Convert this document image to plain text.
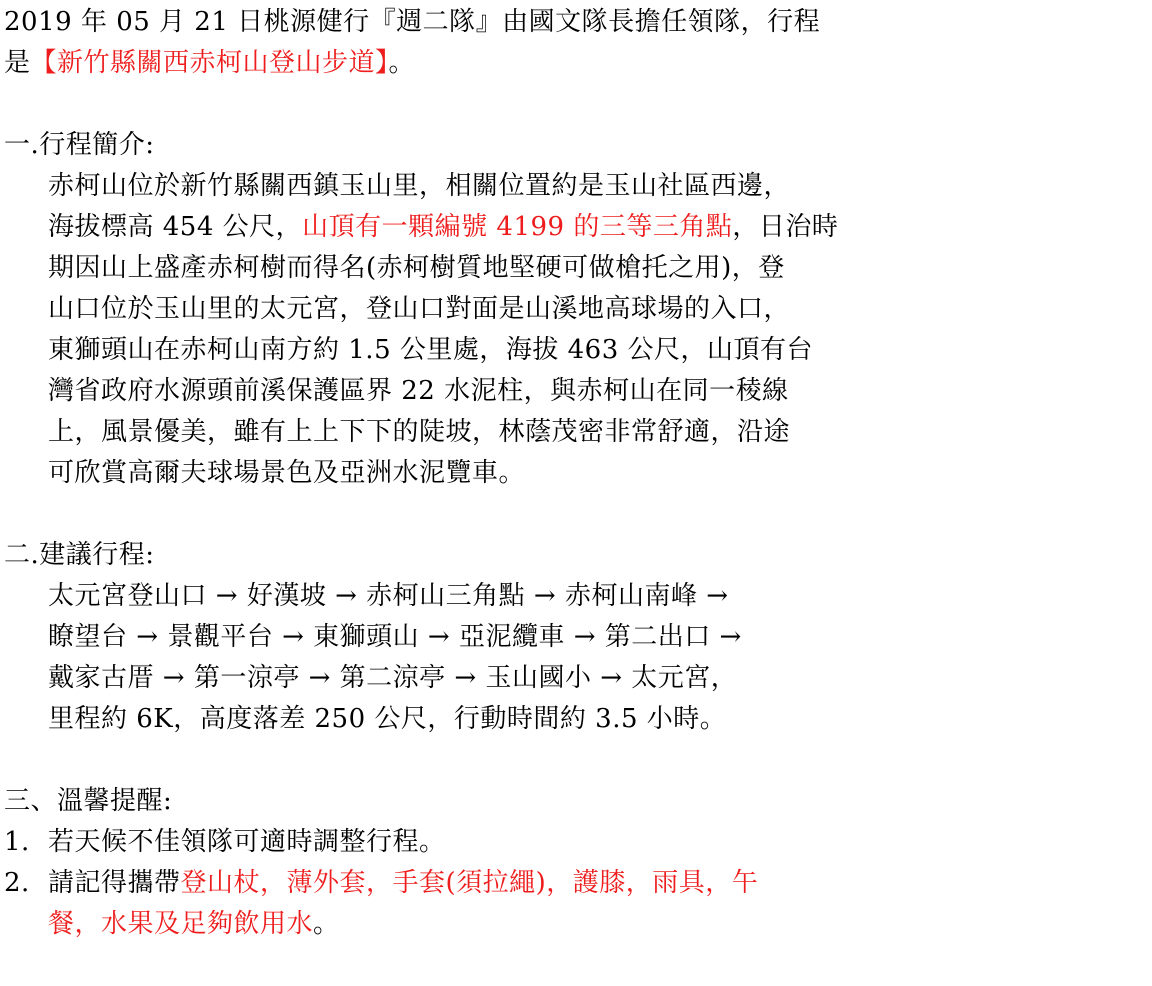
2019 年 05 月 21 日桃源健行『週二隊』由國文隊長擔任領隊，行程
是【新竹縣關西赤柯山登山步道】。
一.行程簡介:
赤柯山位於新竹縣關西鎮玉山里，相關位置約是玉山社區西邊，
海拔標高 454 公尺，山頂有一顆編號 4199 的三等三角點，日治時
期因山上盛產赤柯樹而得名(赤柯樹質地堅硬可做槍托之用)，登
山口位於玉山里的太元宮，登山口對面是山溪地高球場的入口，
東獅頭山在赤柯山南方約 1.5 公里處，海拔 463 公尺，山頂有台
灣省政府水源頭前溪保護區界 22 水泥柱，與赤柯山在同一稜線
上，風景優美，雖有上上下下的陡坡，林蔭茂密非常舒適，沿途
可欣賞高爾夫球場景色及亞洲水泥覽車。
二.建議行程:
太元宮登山口 → 好漢坡 → 赤柯山三角點 → 赤柯山南峰 →
瞭望台 → 景觀平台 → 東獅頭山 → 亞泥纜車 → 第二出口 →
戴家古厝 → 第一涼亭 → 第二涼亭 → 玉山國小 → 太元宮，
里程約 6K，高度落差 250 公尺，行動時間約 3.5 小時。
三、溫馨提醒:
1. 若天候不佳領隊可適時調整行程。
2. 請記得攜帶登山杖，薄外套，手套(須拉繩)，護膝，雨具，午
餐，水果及足夠飲用水。
